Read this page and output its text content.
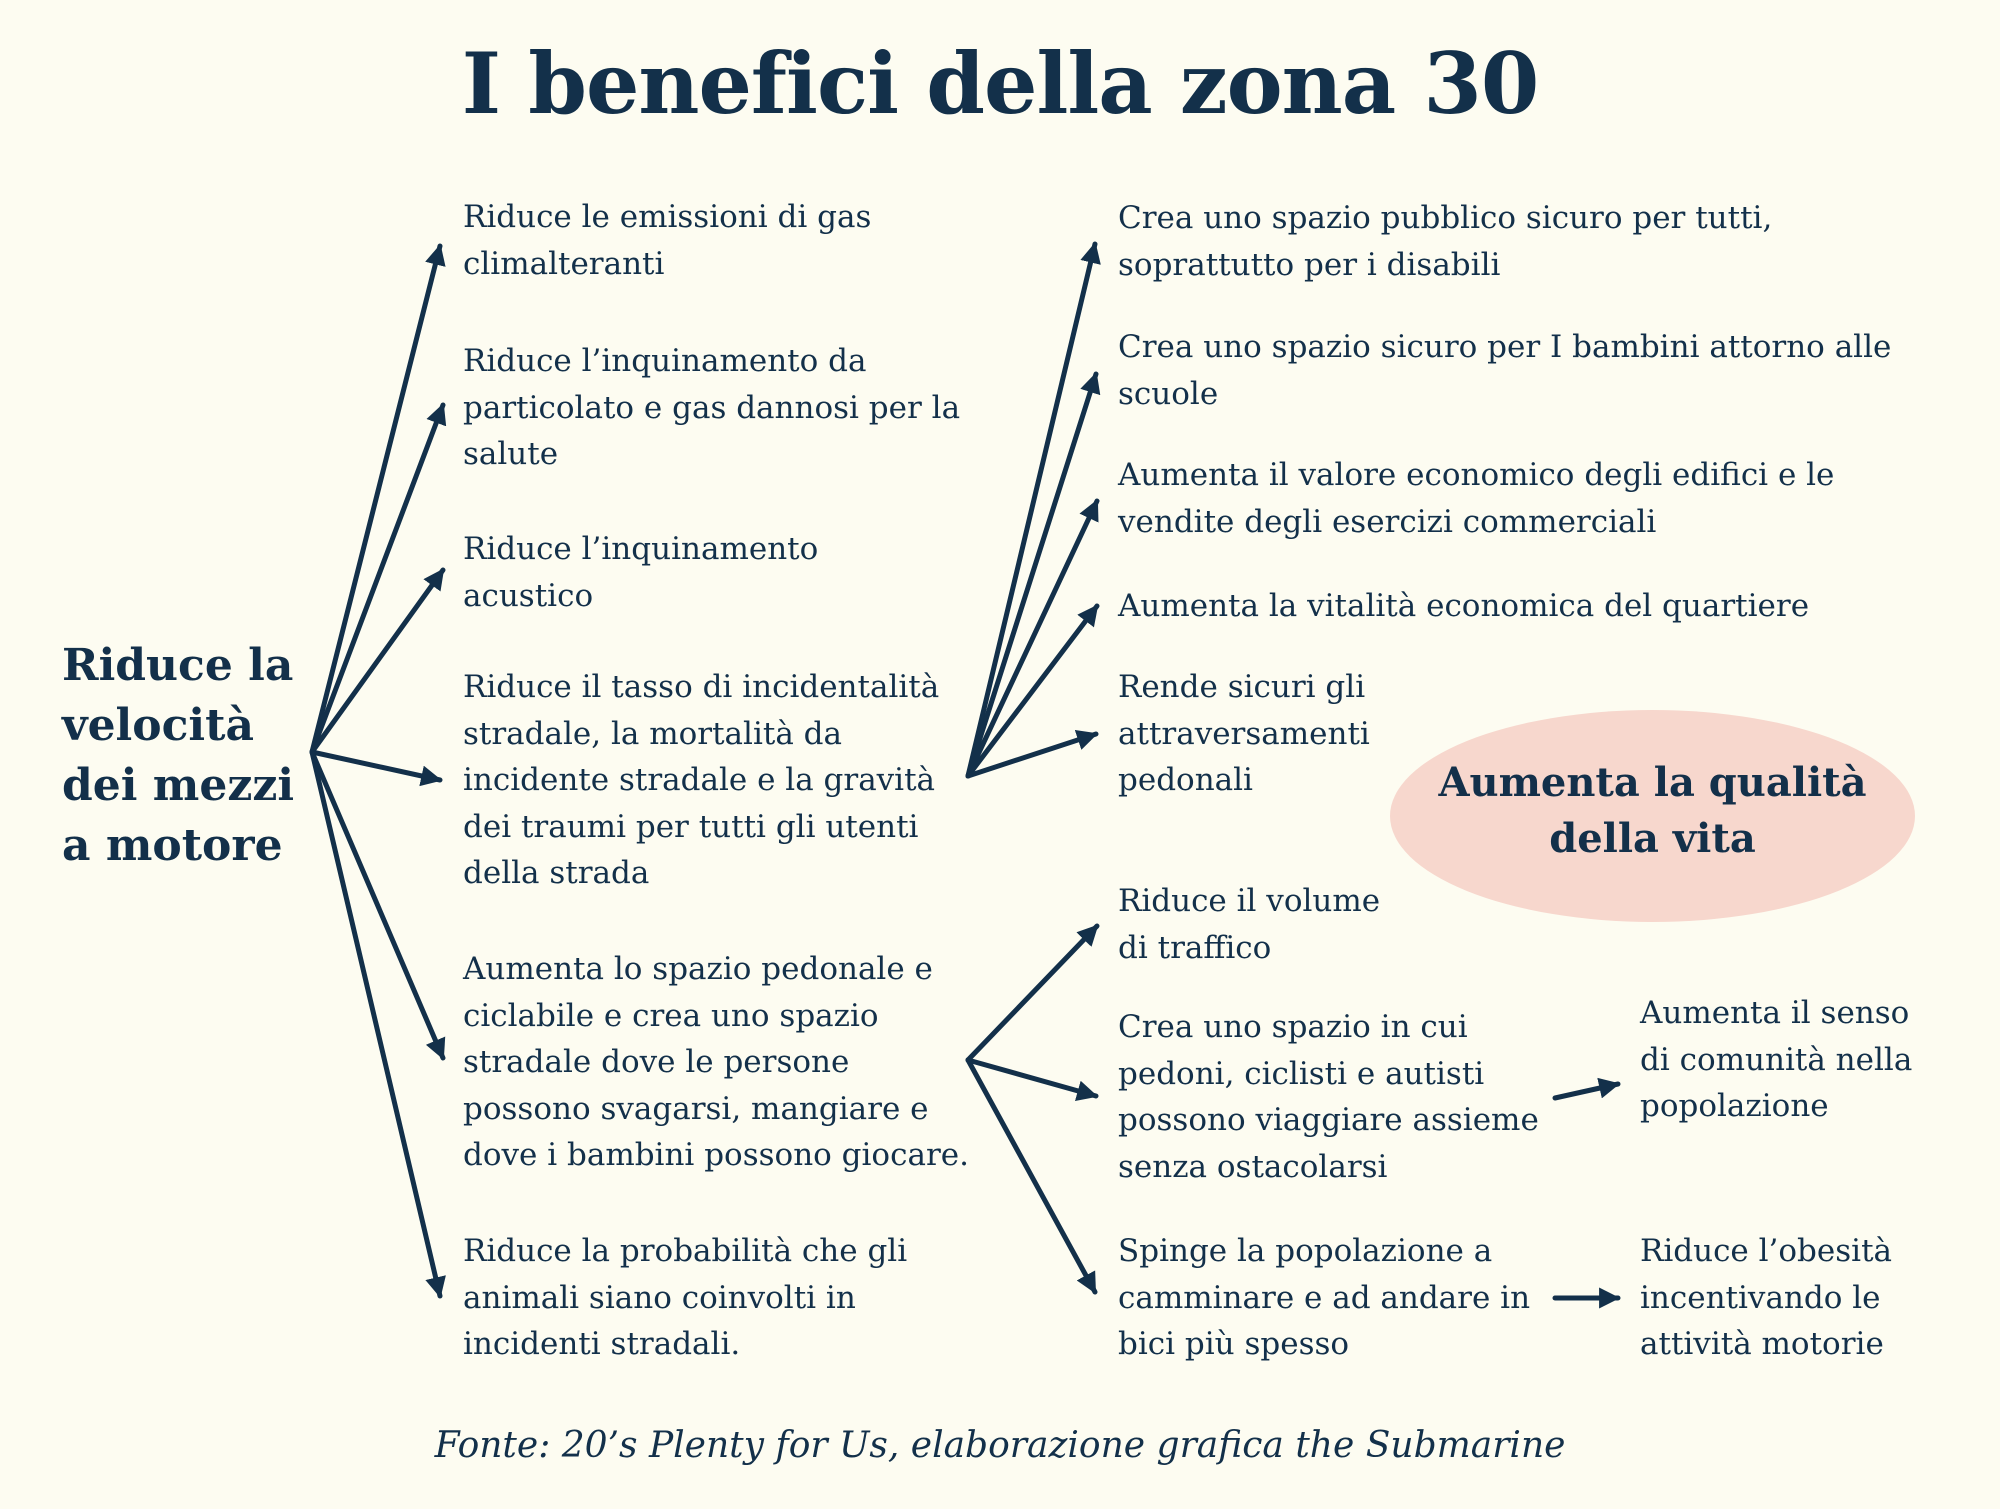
I benefici della zona 30
Riduce la velocità dei mezzi a motore
Riduce le emissioni di gas climalteranti
Riduce l’inquinamento da particolato e gas dannosi per la salute
Riduce l’inquinamento acustico
Riduce il tasso di incidentalità stradale, la mortalità da incidente stradale e la gravità dei traumi per tutti gli utenti della strada
Aumenta lo spazio pedonale e ciclabile e crea uno spazio stradale dove le persone possono svagarsi, mangiare e dove i bambini possono giocare.
Riduce la probabilità che gli animali siano coinvolti in incidenti stradali.
Crea uno spazio pubblico sicuro per tutti, soprattutto per i disabili
Crea uno spazio sicuro per I bambini attorno alle scuole
Aumenta il valore economico degli edifici e le vendite degli esercizi commerciali
Aumenta la vitalità economica del quartiere
Rende sicuri gli attraversamenti pedonali	Aumenta la qualità della vita
Riduce il volume di traffico
Crea uno spazio in cui pedoni, ciclisti e autisti possono viaggiare assieme senza ostacolarsi
Spinge la popolazione a camminare e ad andare in bici più spesso
Aumenta il senso di comunità nella popolazione
Riduce l’obesità incentivando le attività motorie
Fonte: 20’s Plenty for Us, elaborazione grafica the Submarine
